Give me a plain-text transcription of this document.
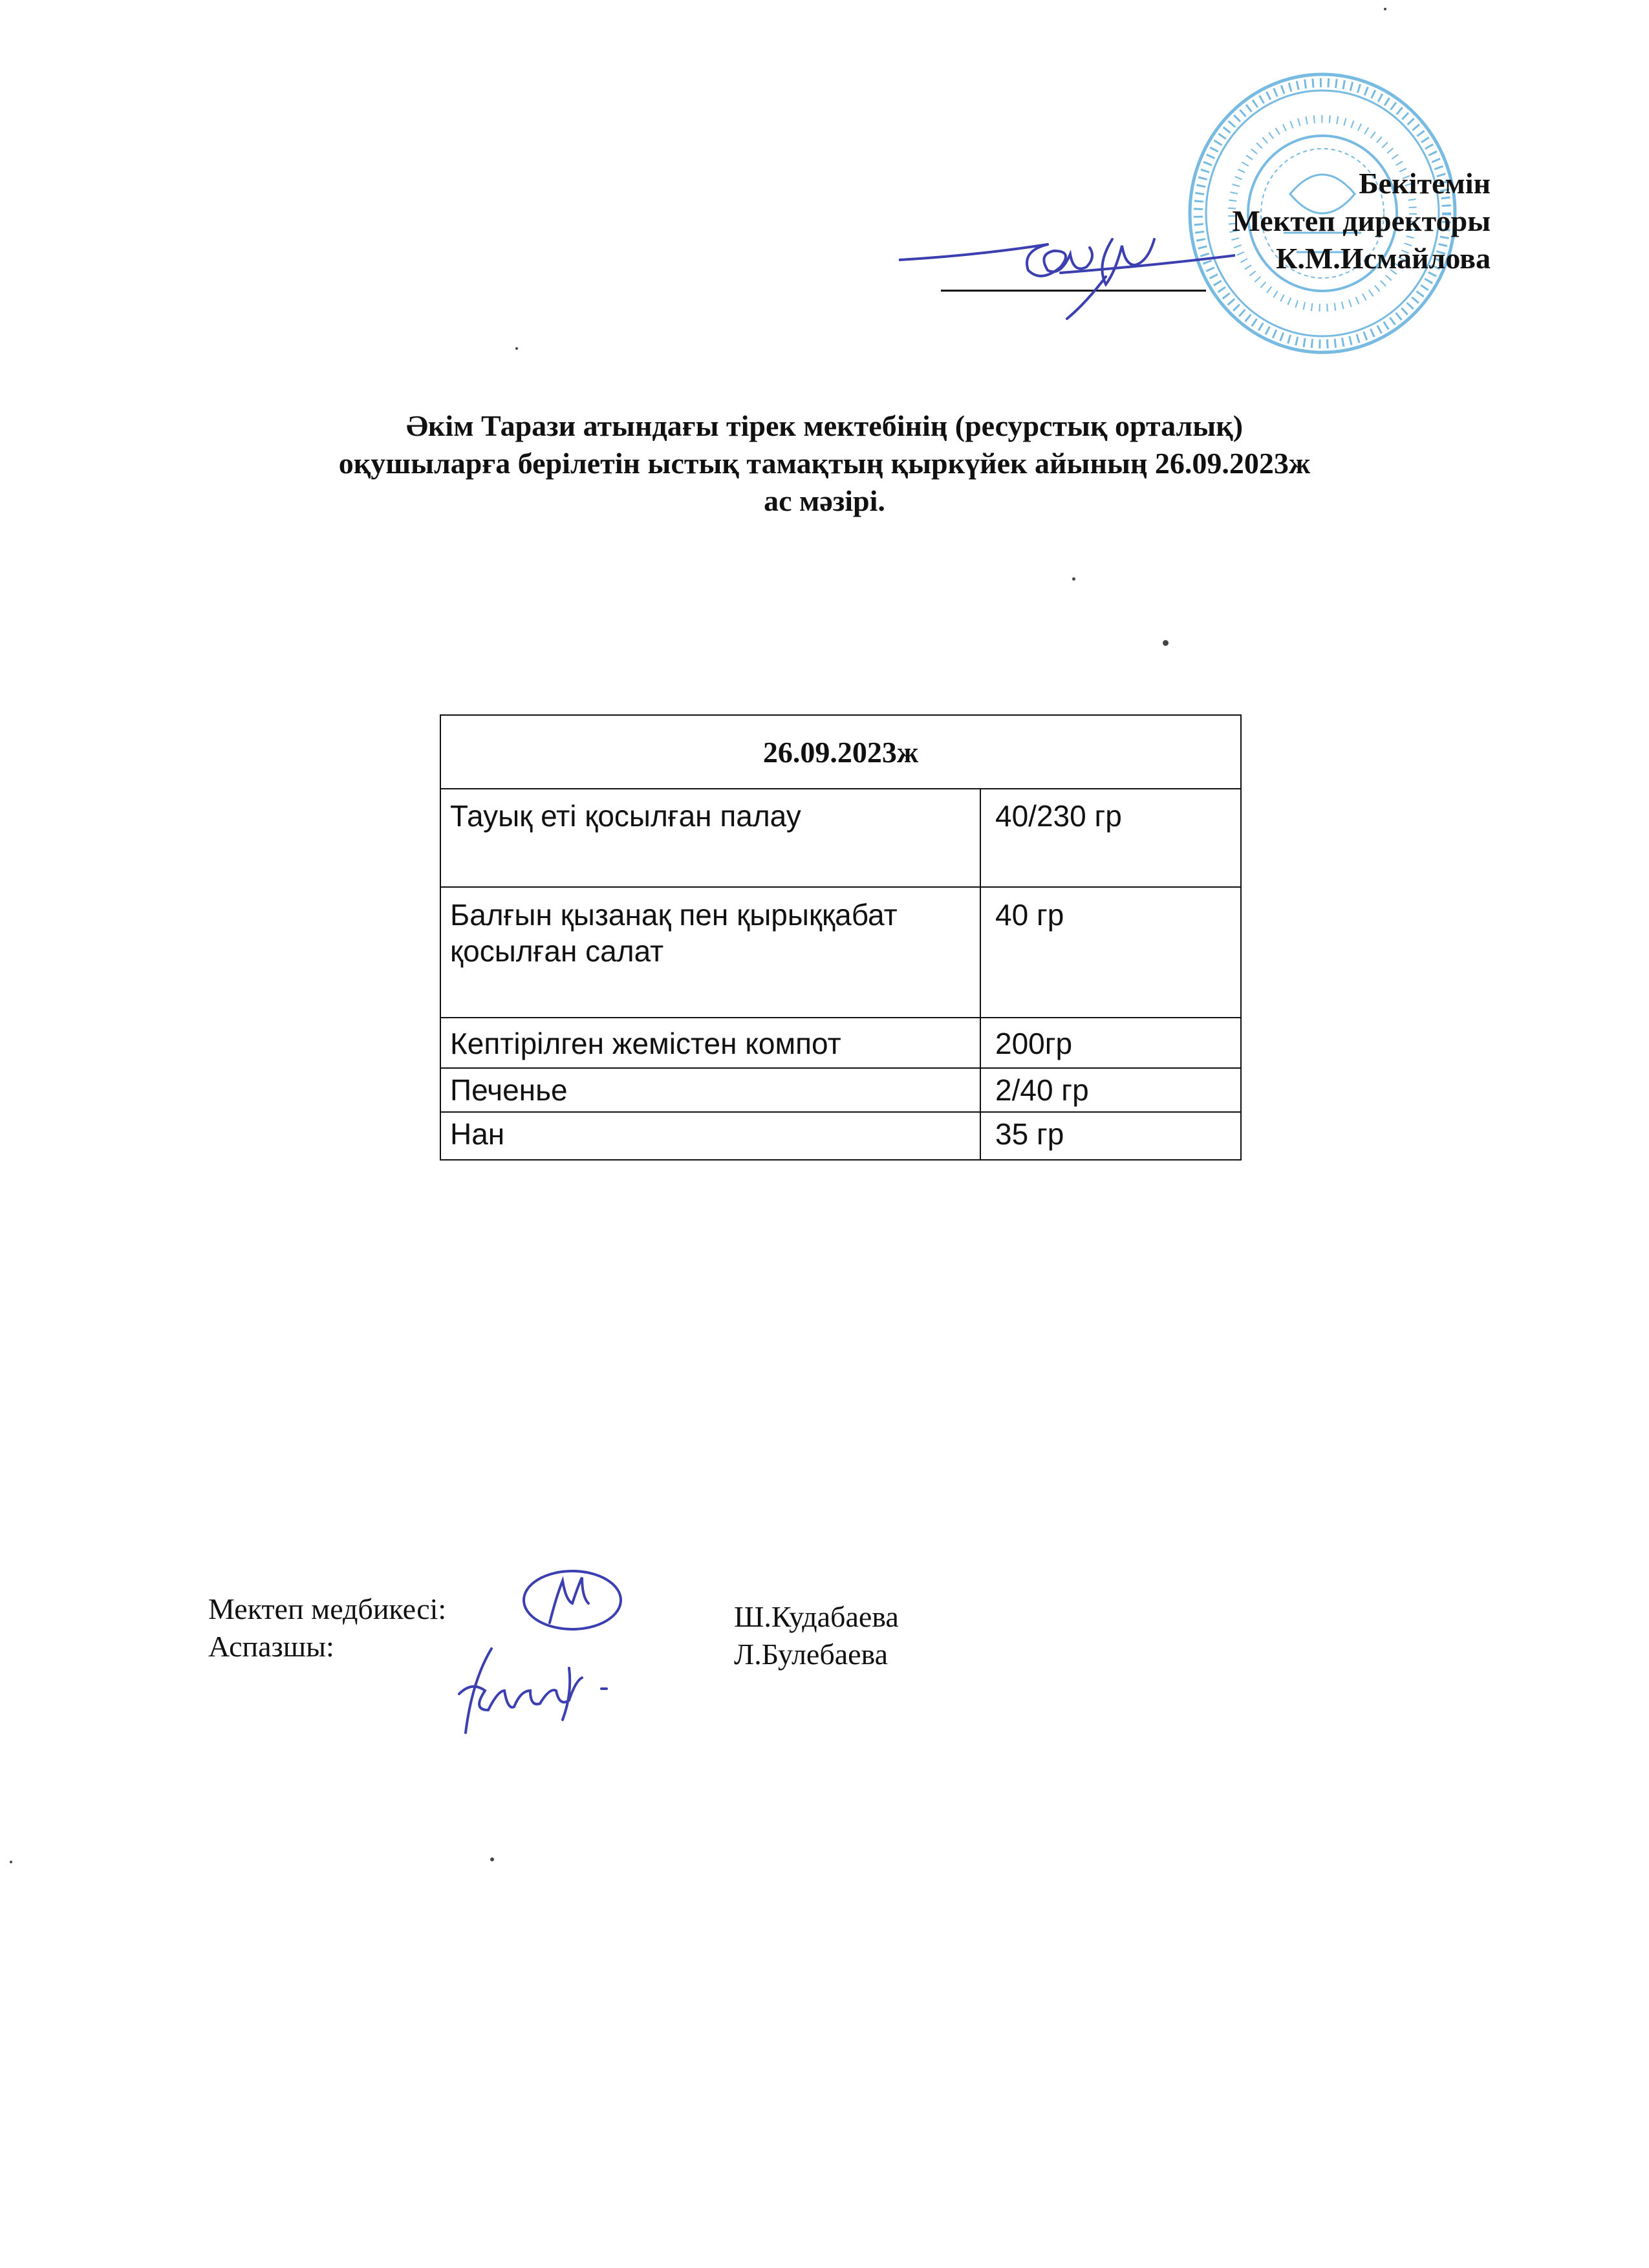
Бекітемін
Мектеп директоры
К.М.Исмайлова
Әкім Тарази атындағы тірек мектебінің (ресурстық орталық)
оқушыларға берілетін ыстық тамақтың қыркүйек айының 26.09.2023ж
ас мәзірі.
26.09.2023ж	
Тауық еті қосылған палау	40/230 гр
Балғын қызанақ пен қырыққабат қосылған салат	40 гр
Кептірілген жемістен компот	200гр
Печенье	2/40 гр
Нан	35 гр
Мектеп медбикесі:
Аспазшы:
Ш.Кудабаева
Л.Булебаева
